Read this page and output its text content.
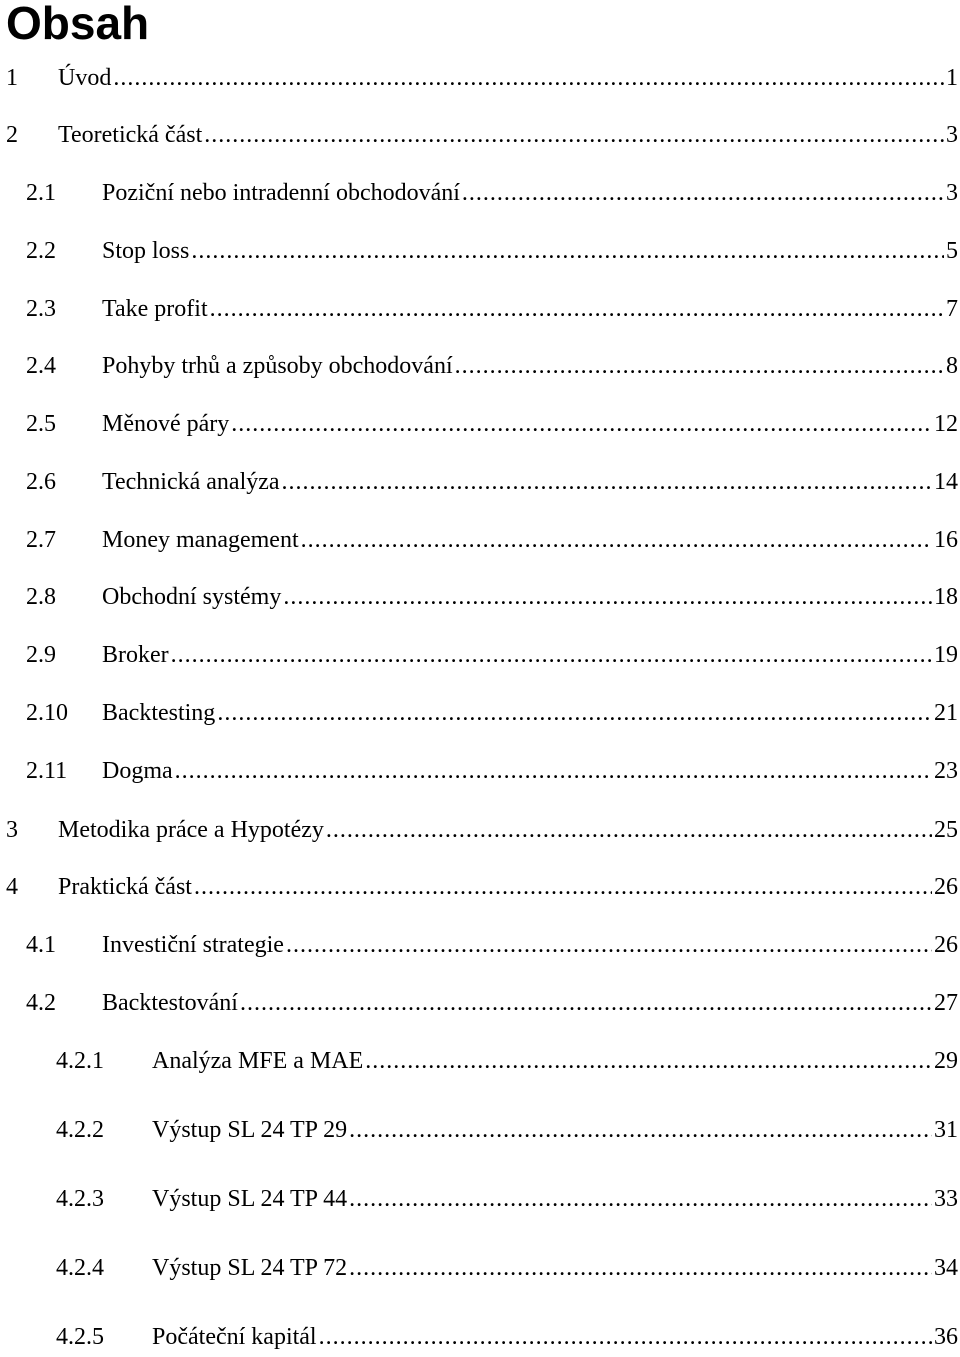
Obsah
1 Úvod .....	1
2 Teoretická část .....	3
2.1 Poziční nebo intradenní obchodování .....	3
2.2 Stop loss .....	5
2.3 Take profit .....	7
2.4 Pohyby trhů a způsoby obchodování .....	8
2.5 Měnové páry .....	12
2.6 Technická analýza .....	14
2.7 Money management .....	16
2.8 Obchodní systémy .....	18
2.9 Broker .....	19
2.10 Backtesting .....	21
2.11 Dogma .....	23
3 Metodika práce a Hypotézy .....	25
4 Praktická část .....	26
4.1 Investiční strategie .....	26
4.2 Backtestování .....	27
4.2.1 Analýza MFE a MAE .....	29
4.2.2 Výstup SL 24 TP 29 .....	31
4.2.3 Výstup SL 24 TP 44 .....	33
4.2.4 Výstup SL 24 TP 72 .....	34
4.2.5 Počáteční kapitál .....	36
